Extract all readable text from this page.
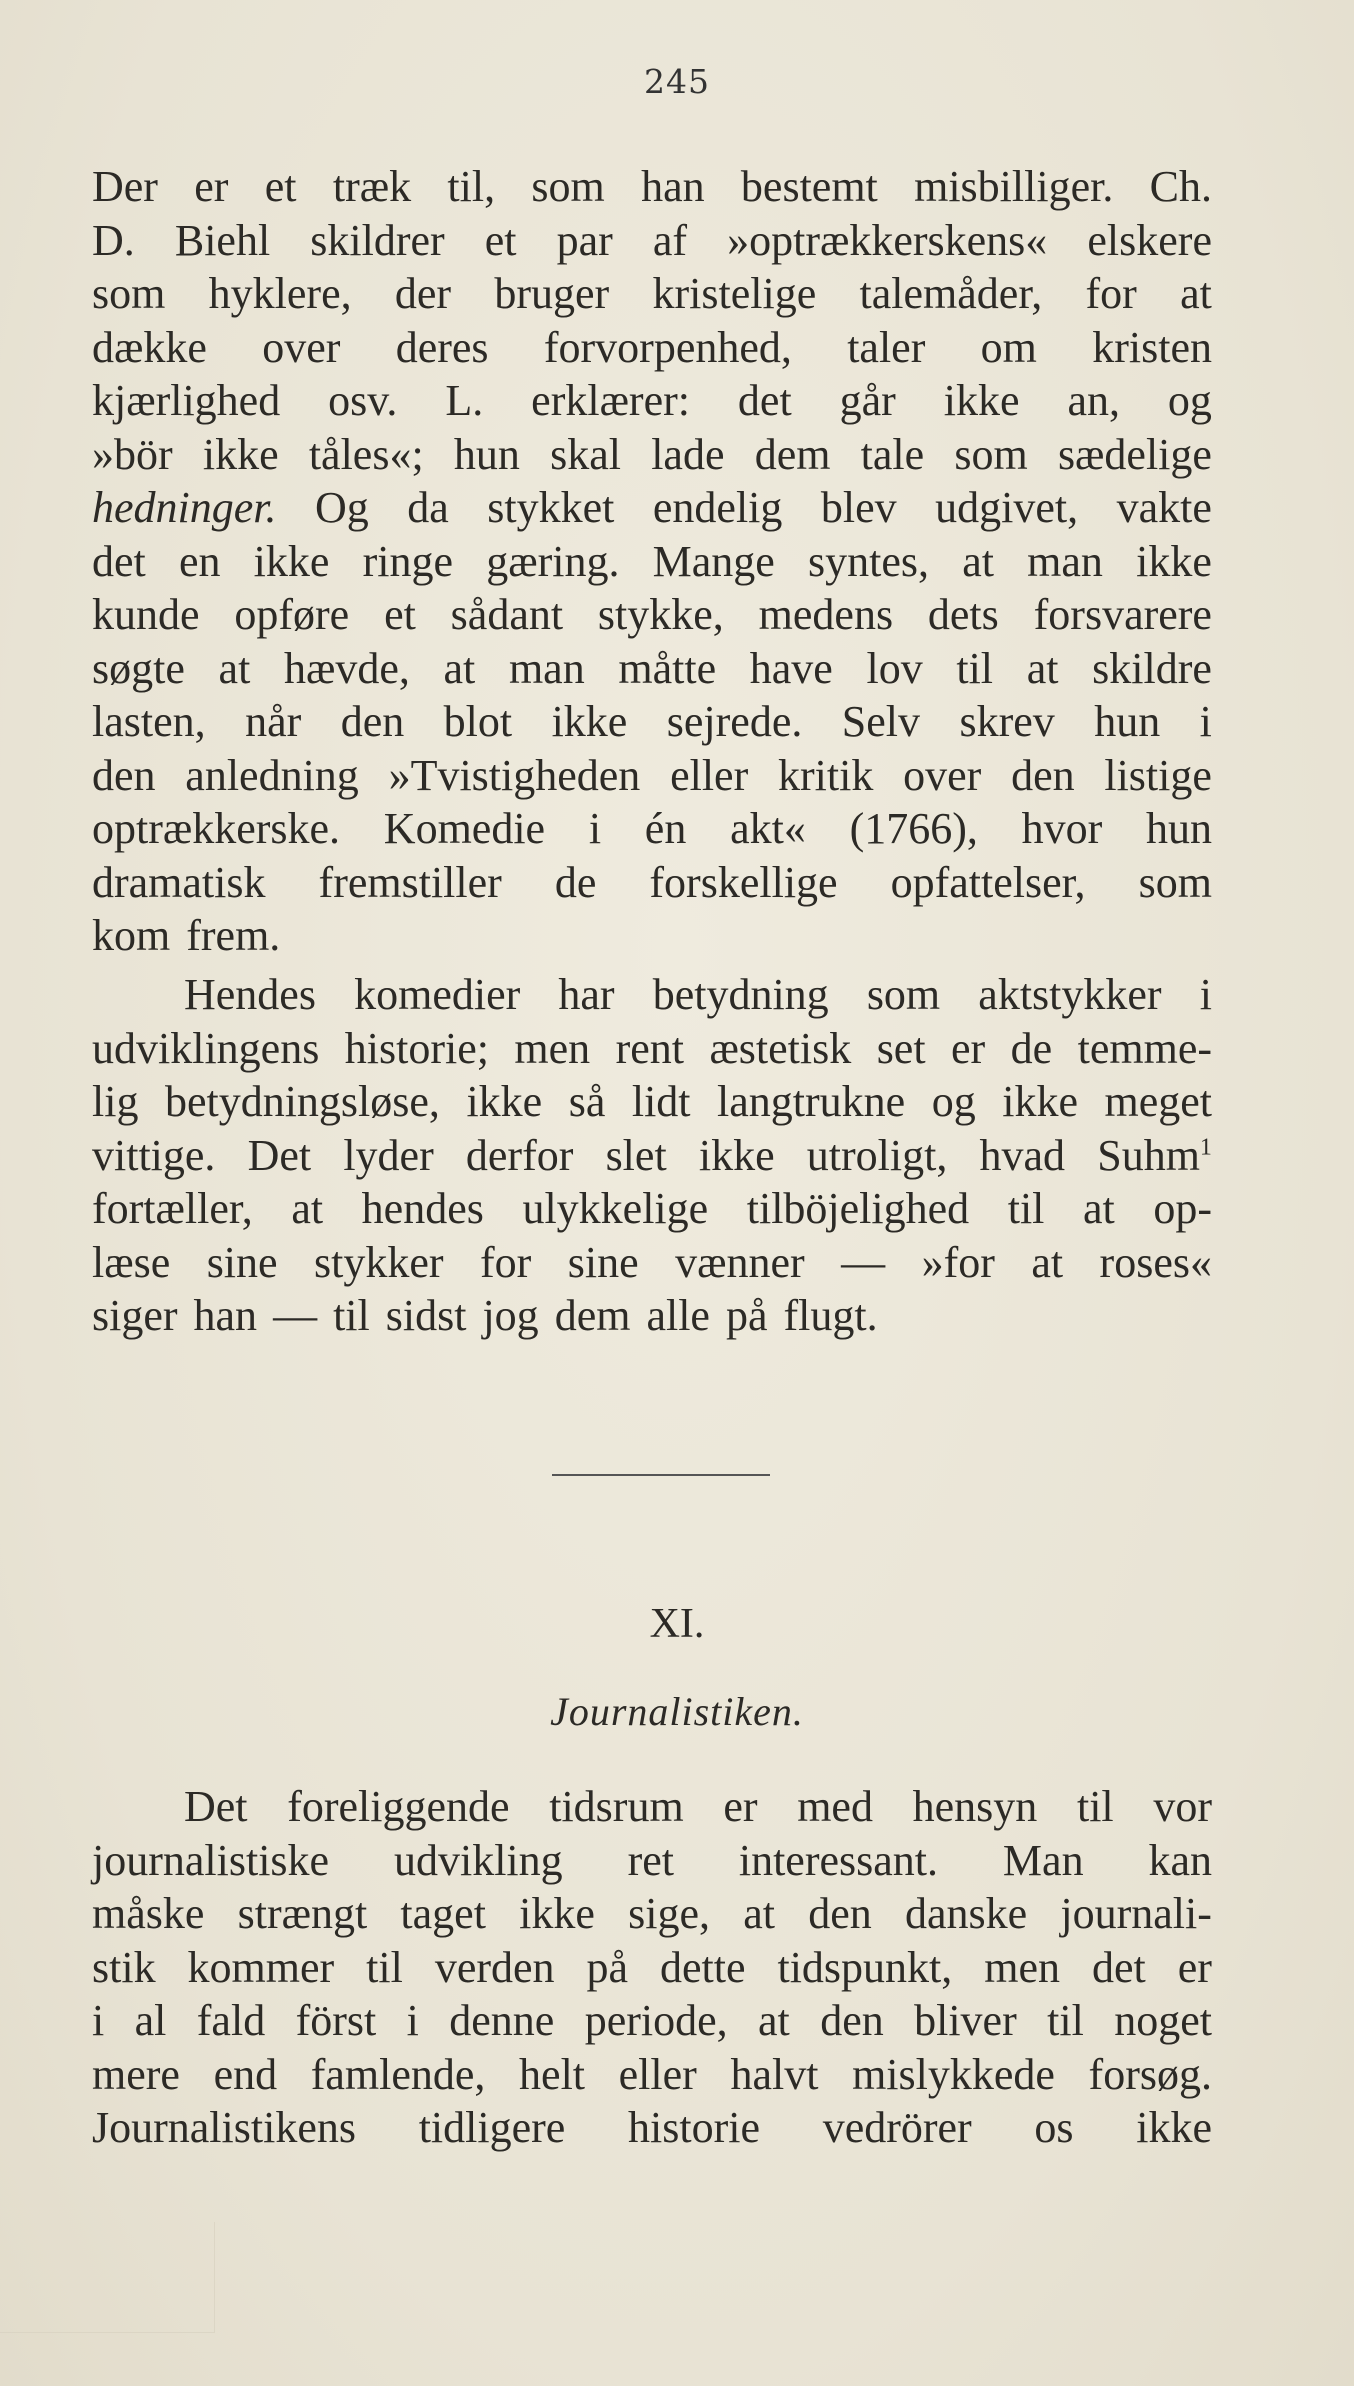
245
Der er et træk til, som han bestemt misbilliger. Ch.
D. Biehl skildrer et par af »optrækkerskens« elskere
som hyklere, der bruger kristelige talemåder, for at
dække over deres forvorpenhed, taler om kristen
kjærlighed osv. L. erklærer: det går ikke an, og
»bör ikke tåles«; hun skal lade dem tale som sædelige
hedninger. Og da stykket endelig blev udgivet, vakte
det en ikke ringe gæring. Mange syntes, at man ikke
kunde opføre et sådant stykke, medens dets forsvarere
søgte at hævde, at man måtte have lov til at skildre
lasten, når den blot ikke sejrede. Selv skrev hun i
den anledning »Tvistigheden eller kritik over den listige
optrækkerske. Komedie i én akt« (1766), hvor hun
dramatisk fremstiller de forskellige opfattelser, som
kom frem.
Hendes komedier har betydning som aktstykker i
udviklingens historie; men rent æstetisk set er de temme-
lig betydningsløse, ikke så lidt langtrukne og ikke meget
vittige. Det lyder derfor slet ikke utroligt, hvad Suhm$^1$
fortæller, at hendes ulykkelige tilböjelighed til at op-
læse sine stykker for sine vænner — »for at roses«
siger han — til sidst jog dem alle på flugt.
XI.
Journalistiken.
Det foreliggende tidsrum er med hensyn til vor
journalistiske udvikling ret interessant. Man kan
måske strængt taget ikke sige, at den danske journali-
stik kommer til verden på dette tidspunkt, men det er
i al fald först i denne periode, at den bliver til noget
mere end famlende, helt eller halvt mislykkede forsøg.
Journalistikens tidligere historie vedrörer os ikke
